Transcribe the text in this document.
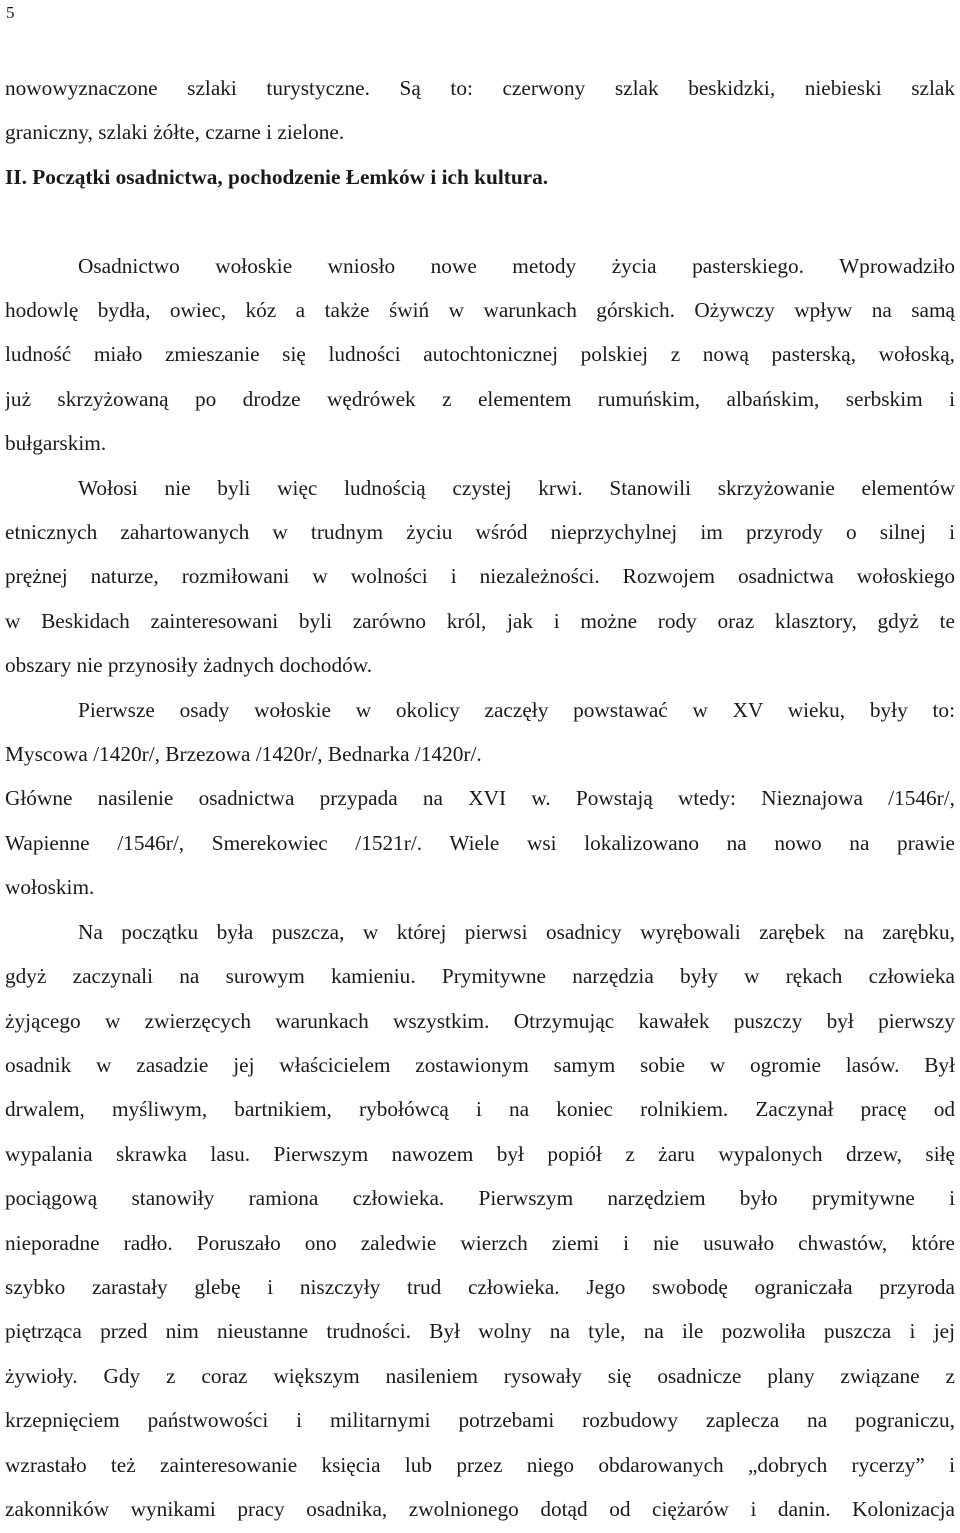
5
nowowyznaczone szlaki turystyczne. Są to: czerwony szlak beskidzki, niebieski szlak
graniczny, szlaki żółte, czarne i zielone.
II. Początki osadnictwa, pochodzenie Łemków i ich kultura.
Osadnictwo wołoskie wniosło nowe metody życia pasterskiego. Wprowadziło
hodowlę bydła, owiec, kóz a także świń w warunkach górskich. Ożywczy wpływ na samą
ludność miało zmieszanie się ludności autochtonicznej polskiej z nową pasterską, wołoską,
już skrzyżowaną po drodze wędrówek z elementem rumuńskim, albańskim, serbskim i
bułgarskim.
Wołosi nie byli więc ludnością czystej krwi. Stanowili skrzyżowanie elementów
etnicznych zahartowanych w trudnym życiu wśród nieprzychylnej im przyrody o silnej i
prężnej naturze, rozmiłowani w wolności i niezależności. Rozwojem osadnictwa wołoskiego
w Beskidach zainteresowani byli zarówno król, jak i możne rody oraz klasztory, gdyż te
obszary nie przynosiły żadnych dochodów.
Pierwsze osady wołoskie w okolicy zaczęły powstawać w XV wieku, były to:
Myscowa /1420r/, Brzezowa /1420r/, Bednarka /1420r/.
Główne nasilenie osadnictwa przypada na XVI w. Powstają wtedy: Nieznajowa /1546r/,
Wapienne /1546r/, Smerekowiec /1521r/. Wiele wsi lokalizowano na nowo na prawie
wołoskim.
Na początku była puszcza, w której pierwsi osadnicy wyrębowali zarębek na zarębku,
gdyż zaczynali na surowym kamieniu. Prymitywne narzędzia były w rękach człowieka
żyjącego w zwierzęcych warunkach wszystkim. Otrzymując kawałek puszczy był pierwszy
osadnik w zasadzie jej właścicielem zostawionym samym sobie w ogromie lasów. Był
drwalem, myśliwym, bartnikiem, rybołówcą i na koniec rolnikiem. Zaczynał pracę od
wypalania skrawka lasu. Pierwszym nawozem był popiół z żaru wypalonych drzew, siłę
pociągową stanowiły ramiona człowieka. Pierwszym narzędziem było prymitywne i
nieporadne radło. Poruszało ono zaledwie wierzch ziemi i nie usuwało chwastów, które
szybko zarastały glebę i niszczyły trud człowieka. Jego swobodę ograniczała przyroda
piętrząca przed nim nieustanne trudności. Był wolny na tyle, na ile pozwoliła puszcza i jej
żywioły. Gdy z coraz większym nasileniem rysowały się osadnicze plany związane z
krzepnięciem państwowości i militarnymi potrzebami rozbudowy zaplecza na pograniczu,
wzrastało też zainteresowanie księcia lub przez niego obdarowanych „dobrych rycerzy” i
zakonników wynikami pracy osadnika, zwolnionego dotąd od ciężarów i danin. Kolonizacja
